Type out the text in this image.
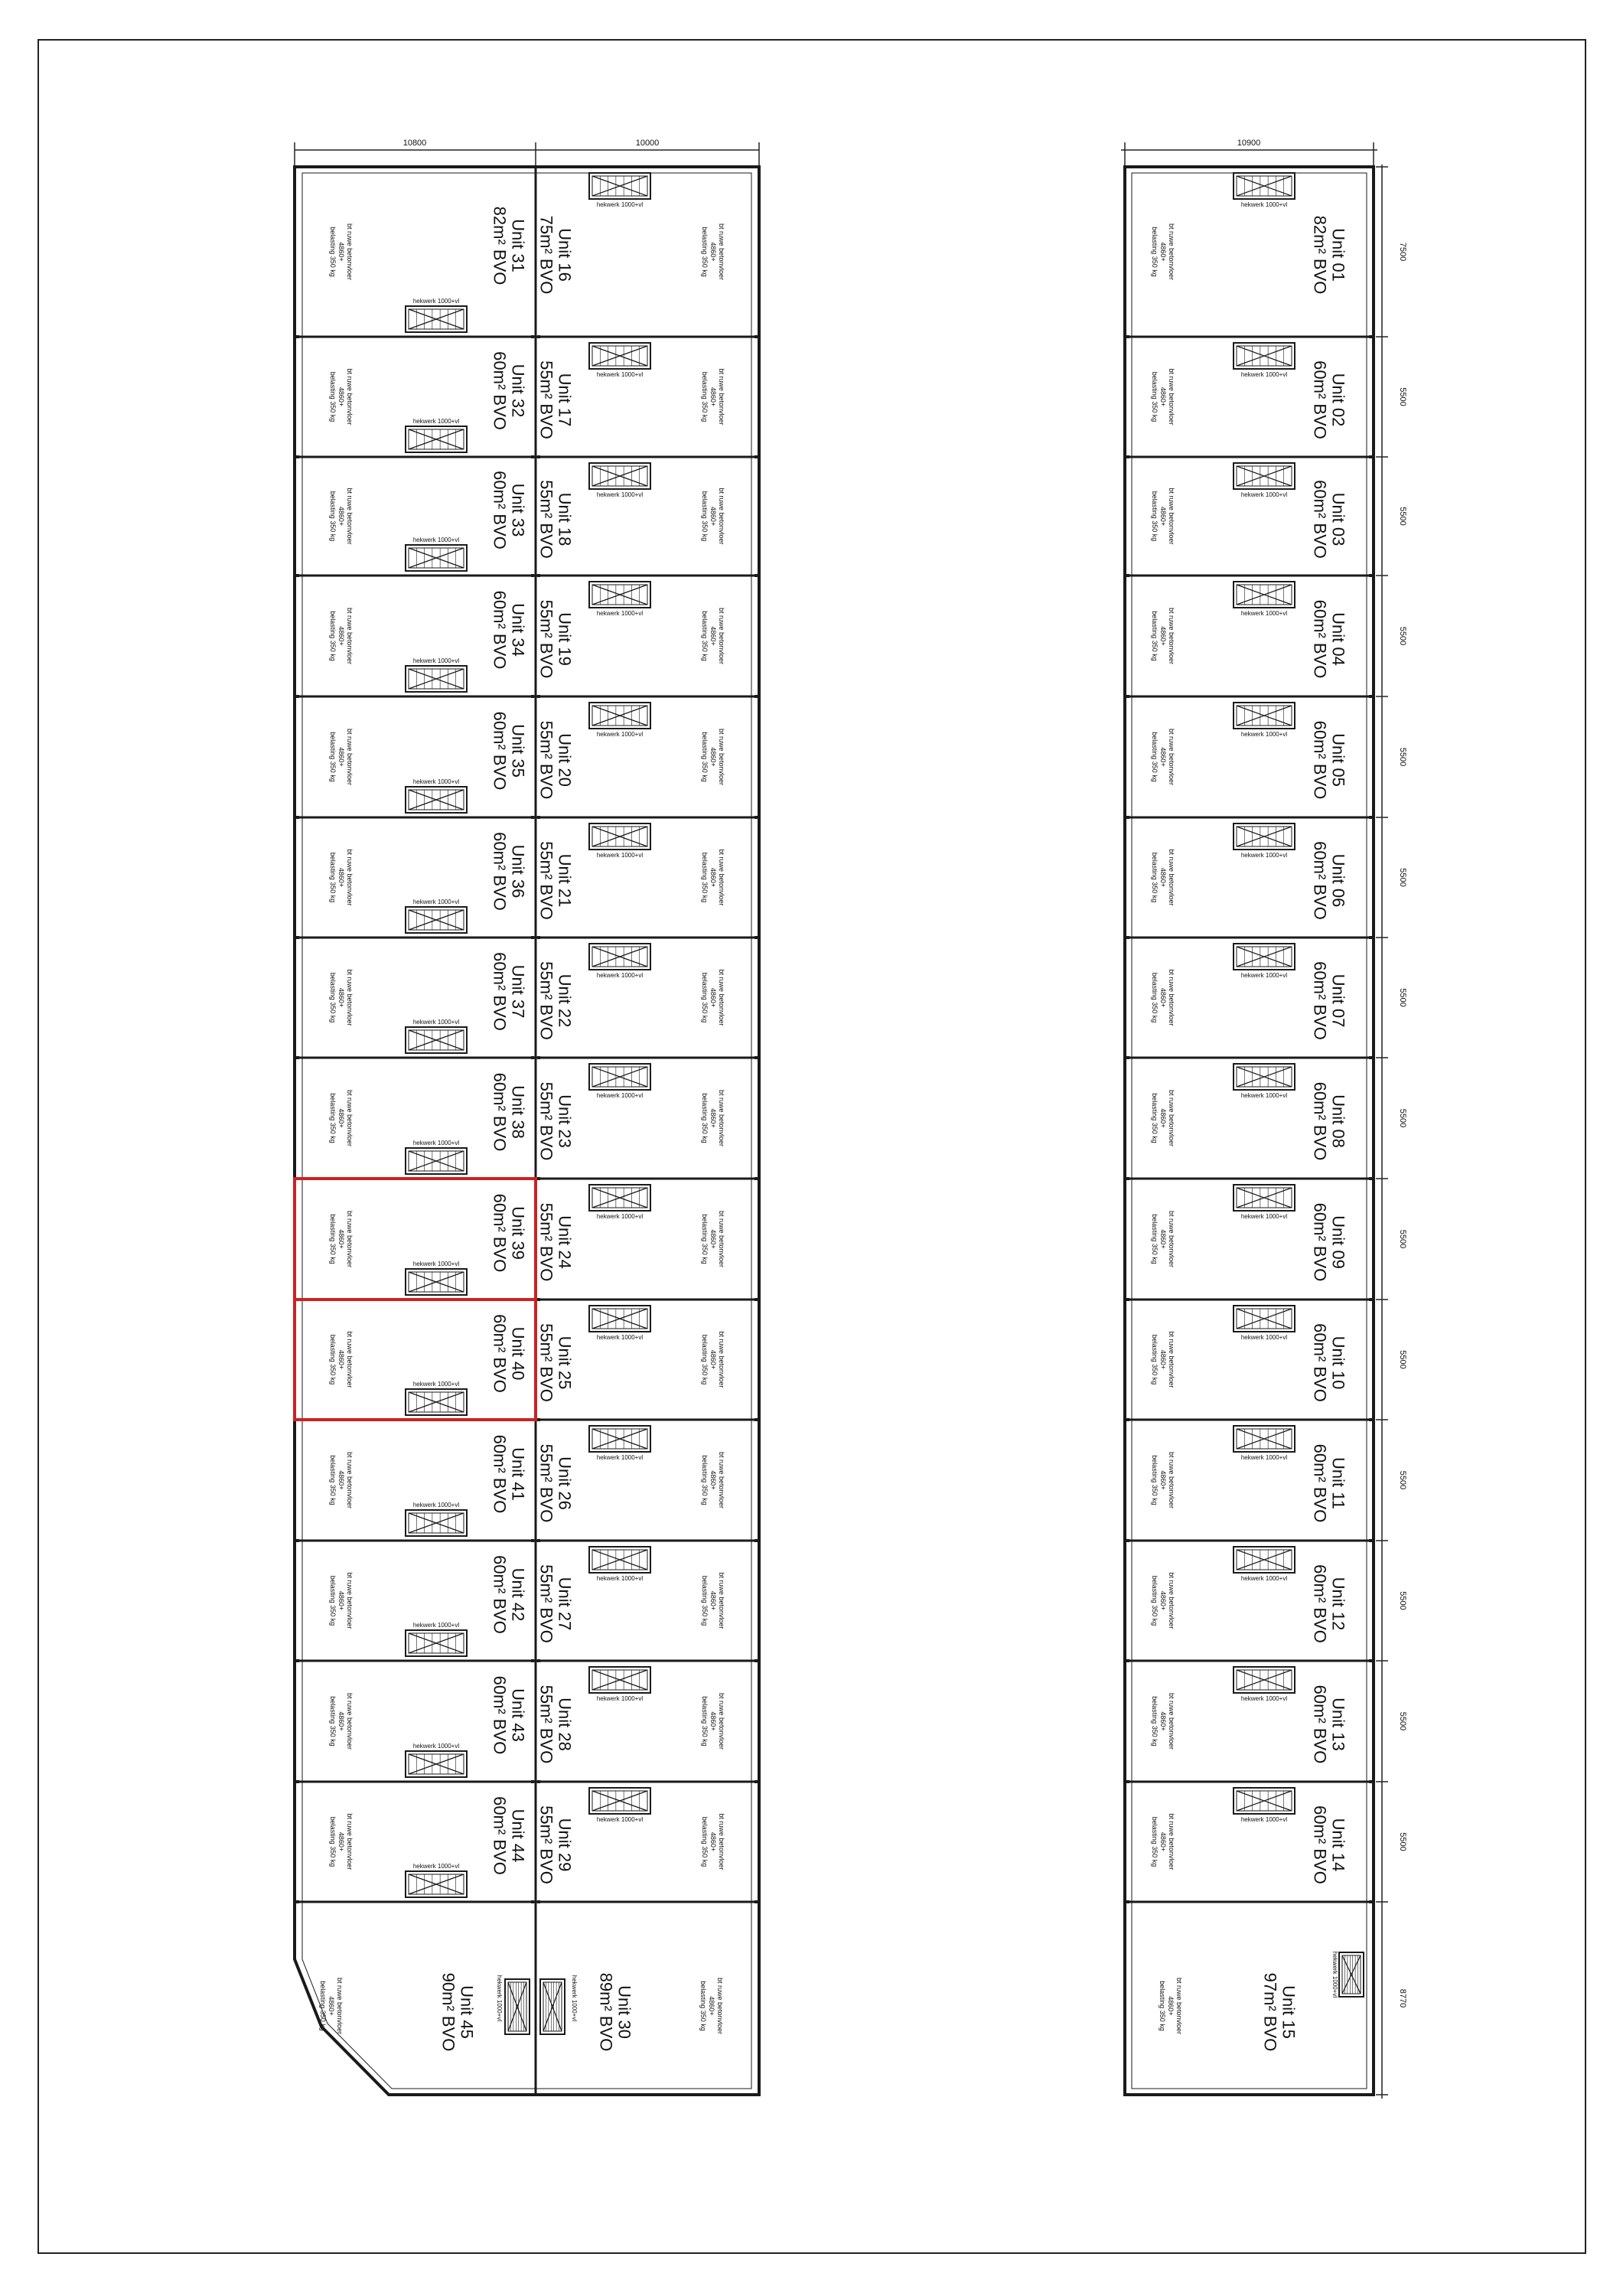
10800	10000	10900
7500
5500
5500
5500
5500
5500
5500
5500
5500
5500
5500
5500
5500
5500
8770
hekwerk 1000+vl
Unit 31
82m² BVO
bt ruwe betonvloer
4860+
belasting 350 kg
hekwerk 1000+vl
Unit 32
60m² BVO
bt ruwe betonvloer
4860+
belasting 350 kg
hekwerk 1000+vl
Unit 33
60m² BVO
bt ruwe betonvloer
4860+
belasting 350 kg
hekwerk 1000+vl
Unit 34
60m² BVO
bt ruwe betonvloer
4860+
belasting 350 kg
hekwerk 1000+vl
Unit 35
60m² BVO
bt ruwe betonvloer
4860+
belasting 350 kg
hekwerk 1000+vl
Unit 36
60m² BVO
bt ruwe betonvloer
4860+
belasting 350 kg
hekwerk 1000+vl
Unit 37
60m² BVO
bt ruwe betonvloer
4860+
belasting 350 kg
hekwerk 1000+vl
Unit 38
60m² BVO
bt ruwe betonvloer
4860+
belasting 350 kg
hekwerk 1000+vl
Unit 39
60m² BVO
bt ruwe betonvloer
4860+
belasting 350 kg
hekwerk 1000+vl
Unit 40
60m² BVO
bt ruwe betonvloer
4860+
belasting 350 kg
hekwerk 1000+vl
Unit 41
60m² BVO
bt ruwe betonvloer
4860+
belasting 350 kg
hekwerk 1000+vl
Unit 42
60m² BVO
bt ruwe betonvloer
4860+
belasting 350 kg
hekwerk 1000+vl
Unit 43
60m² BVO
bt ruwe betonvloer
4860+
belasting 350 kg
hekwerk 1000+vl
Unit 44
60m² BVO
bt ruwe betonvloer
4860+
belasting 350 kg
hekwerk 1000+vl
Unit 45
90m² BVO
bt ruwe betonvloer
4860+
belasting 350 kg
hekwerk 1000+vl
Unit 16
75m² BVO	bt ruwe betonvloer
4860+
belasting 350 kg
hekwerk 1000+vl
Unit 17
55m² BVO	bt ruwe betonvloer
4860+
belasting 350 kg
hekwerk 1000+vl
Unit 18
55m² BVO	bt ruwe betonvloer
4860+
belasting 350 kg
hekwerk 1000+vl
Unit 19
55m² BVO	bt ruwe betonvloer
4860+
belasting 350 kg
hekwerk 1000+vl
Unit 20
55m² BVO	bt ruwe betonvloer
4860+
belasting 350 kg
hekwerk 1000+vl
Unit 21
55m² BVO	bt ruwe betonvloer
4860+
belasting 350 kg
hekwerk 1000+vl
Unit 22
55m² BVO	bt ruwe betonvloer
4860+
belasting 350 kg
hekwerk 1000+vl
Unit 23
55m² BVO	bt ruwe betonvloer
4860+
belasting 350 kg
hekwerk 1000+vl
Unit 24
55m² BVO	bt ruwe betonvloer
4860+
belasting 350 kg
hekwerk 1000+vl
Unit 25
55m² BVO	bt ruwe betonvloer
4860+
belasting 350 kg
hekwerk 1000+vl
Unit 26
55m² BVO	bt ruwe betonvloer
4860+
belasting 350 kg
hekwerk 1000+vl
Unit 27
55m² BVO	bt ruwe betonvloer
4860+
belasting 350 kg
hekwerk 1000+vl
Unit 28
55m² BVO	bt ruwe betonvloer
4860+
belasting 350 kg
hekwerk 1000+vl
Unit 29
55m² BVO	bt ruwe betonvloer
4860+
belasting 350 kg
hekwerk 1000+vl Unit 30
89m² BVO	bt ruwe betonvloer
4860+
belasting 350 kg
hekwerk 1000+vl
Unit 01
82m² BVO
bt ruwe betonvloer
4860+
belasting 350 kg
hekwerk 1000+vl Unit 02
60m² BVO
bt ruwe betonvloer
4860+
belasting 350 kg
hekwerk 1000+vl Unit 03
60m² BVO
bt ruwe betonvloer
4860+
belasting 350 kg
hekwerk 1000+vl Unit 04
60m² BVO
bt ruwe betonvloer
4860+
belasting 350 kg
hekwerk 1000+vl Unit 05
60m² BVO
bt ruwe betonvloer
4860+
belasting 350 kg
hekwerk 1000+vl Unit 06
60m² BVO
bt ruwe betonvloer
4860+
belasting 350 kg
hekwerk 1000+vl Unit 07
60m² BVO
bt ruwe betonvloer
4860+
belasting 350 kg
hekwerk 1000+vl Unit 08
60m² BVO
bt ruwe betonvloer
4860+
belasting 350 kg
hekwerk 1000+vl Unit 09
60m² BVO
bt ruwe betonvloer
4860+
belasting 350 kg
hekwerk 1000+vl Unit 10
60m² BVO
bt ruwe betonvloer
4860+
belasting 350 kg
hekwerk 1000+vl Unit 11
60m² BVO
bt ruwe betonvloer
4860+
belasting 350 kg
hekwerk 1000+vl Unit 12
60m² BVO
bt ruwe betonvloer
4860+
belasting 350 kg
hekwerk 1000+vl Unit 13
60m² BVO
bt ruwe betonvloer
4860+
belasting 350 kg
hekwerk 1000+vl Unit 14
60m² BVO
bt ruwe betonvloer
4860+
belasting 350 kg
hekwerk 1000+vl
Unit 15
97m² BVO
bt ruwe betonvloer
4860+
belasting 350 kg
